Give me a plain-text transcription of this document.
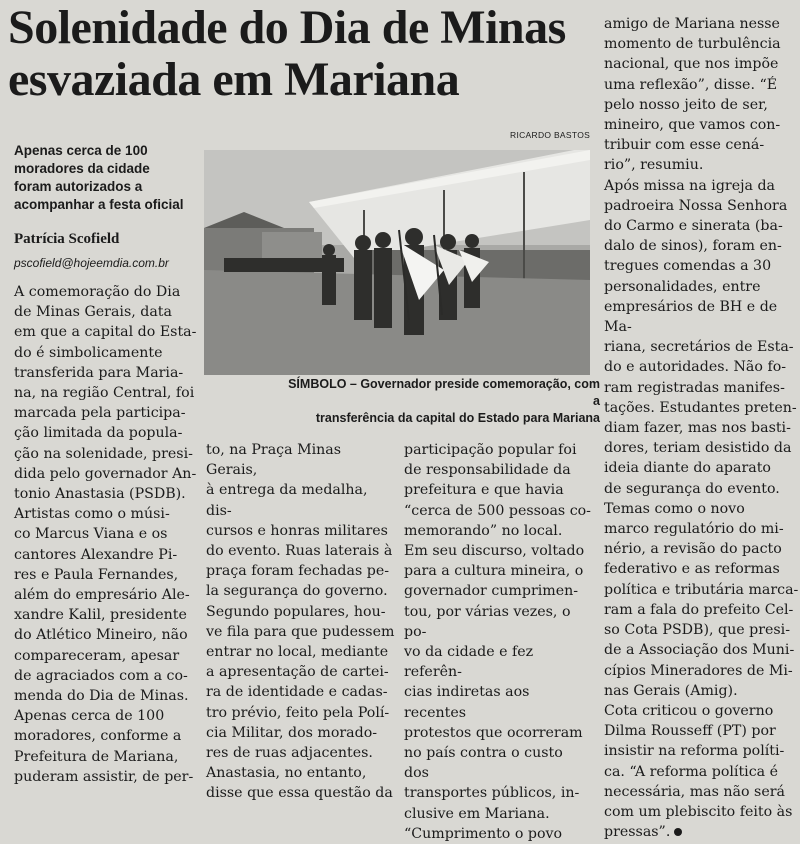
Solenidade do Dia de Minas
esvaziada em Mariana
Apenas cerca de 100
moradores da cidade
foram autorizados a
acompanhar a festa oficial
Patrícia Scofield
pscofield@hojeemdia.com.br
RICARDO BASTOS
SÍMBOLO – Governador preside comemoração, com a
transferência da capital do Estado para Mariana
A comemoração do Dia
de Minas Gerais, data
em que a capital do Esta-
do é simbolicamente
transferida para Maria-
na, na região Central, foi
marcada pela participa-
ção limitada da popula-
ção na solenidade, presi-
dida pelo governador An-
tonio Anastasia (PSDB).
Artistas como o músi-
co Marcus Viana e os
cantores Alexandre Pi-
res e Paula Fernandes,
além do empresário Ale-
xandre Kalil, presidente
do Atlético Mineiro, não
compareceram, apesar
de agraciados com a co-
menda do Dia de Minas.
Apenas cerca de 100
moradores, conforme a
Prefeitura de Mariana,
puderam assistir, de per-
to, na Praça Minas Gerais,
à entrega da medalha, dis-
cursos e honras militares
do evento. Ruas laterais à
praça foram fechadas pe-
la segurança do governo.
Segundo populares, hou-
ve fila para que pudessem
entrar no local, mediante
a apresentação de cartei-
ra de identidade e cadas-
tro prévio, feito pela Polí-
cia Militar, dos morado-
res de ruas adjacentes.
Anastasia, no entanto,
disse que essa questão da
participação popular foi
de responsabilidade da
prefeitura e que havia
“cerca de 500 pessoas co-
memorando” no local.
Em seu discurso, voltado
para a cultura mineira, o
governador cumprimen-
tou, por várias vezes, o po-
vo da cidade e fez referên-
cias indiretas aos recentes
protestos que ocorreram
no país contra o custo dos
transportes públicos, in-
clusive em Mariana.
“Cumprimento o povo
amigo de Mariana nesse
momento de turbulência
nacional, que nos impõe
uma reflexão”, disse. “É
pelo nosso jeito de ser,
mineiro, que vamos con-
tribuir com esse cená-
rio”, resumiu.
Após missa na igreja da
padroeira Nossa Senhora
do Carmo e sinerata (ba-
dalo de sinos), foram en-
tregues comendas a 30
personalidades, entre
empresários de BH e de Ma-
riana, secretários de Esta-
do e autoridades. Não fo-
ram registradas manifes-
tações. Estudantes preten-
diam fazer, mas nos basti-
dores, teriam desistido da
ideia diante do aparato
de segurança do evento.
Temas como o novo
marco regulatório do mi-
nério, a revisão do pacto
federativo e as reformas
política e tributária marca-
ram a fala do prefeito Cel-
so Cota PSDB), que presi-
de a Associação dos Muni-
cípios Mineradores de Mi-
nas Gerais (Amig).
Cota criticou o governo
Dilma Rousseff (PT) por
insistir na reforma políti-
ca. “A reforma política é
necessária, mas não será
com um plebiscito feito às
pressas”.
